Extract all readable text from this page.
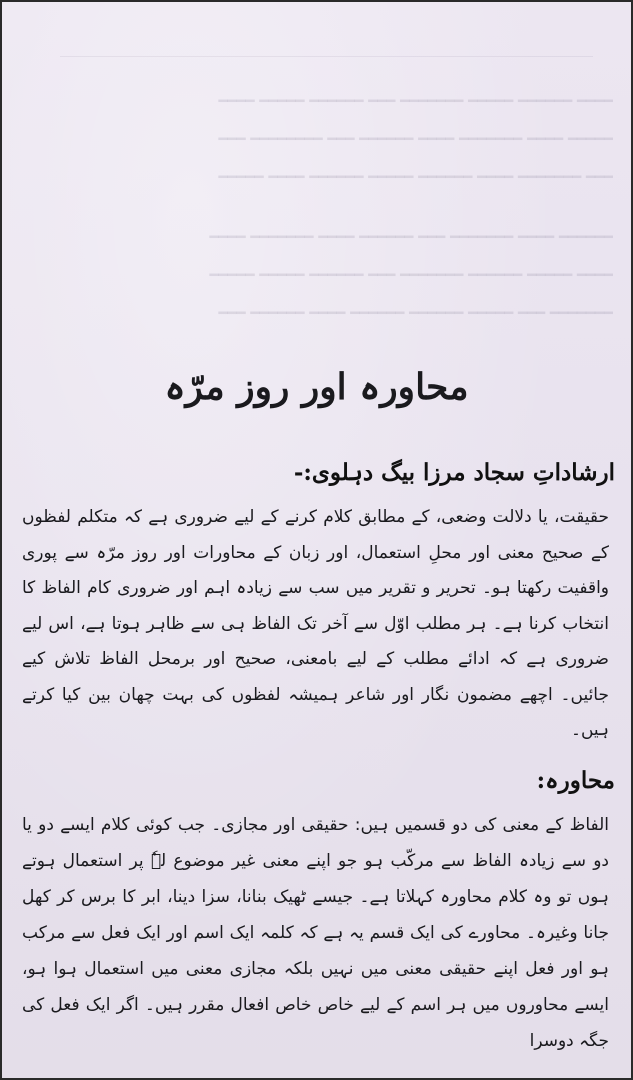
━━━━ ━━━━━━ ━━━━━ ━━━━━━━ ━━━ ━━━━━━ ━━━━━ ━━━━
━━━━━ ━━━━ ━━━━━━━ ━━━━ ━━━━━━ ━━━ ━━━━━━━━ ━━━
━━━ ━━━━━━━ ━━━━ ━━━━━━ ━━━━━ ━━━━━━ ━━━━ ━━━━━
━━━━━━ ━━━━ ━━━━━━━ ━━━ ━━━━━━ ━━━━ ━━━━━━━ ━━━━
━━━━ ━━━━━ ━━━━━━ ━━━━━━━ ━━━ ━━━━━━ ━━━━━ ━━━━━
━━━━━━━ ━━━ ━━━━━ ━━━━━━ ━━━━━━ ━━━━ ━━━━━━ ━━━
محاورہ اور روز مرّہ
ارشاداتِ سجاد مرزا بیگ دہلوی:-

حقیقت، یا دلالت وضعی، کے مطابق کلام کرنے کے لیے ضروری ہے کہ متکلم لفظوں کے صحیح معنی اور محلِ استعمال، اور زبان کے محاورات اور روز مرّہ سے پوری واقفیت رکھتا ہو۔ تحریر و تقریر میں سب سے زیادہ اہم اور ضروری کام الفاظ کا انتخاب کرنا ہے۔ ہر مطلب اوّل سے آخر تک الفاظ ہی سے ظاہر ہوتا ہے، اس لیے ضروری ہے کہ ادائے مطلب کے لیے بامعنی، صحیح اور برمحل الفاظ تلاش کیے جائیں۔ اچھے مضمون نگار اور شاعر ہمیشہ لفظوں کی بہت چھان بین کیا کرتے ہیں۔

محاورہ:

الفاظ کے معنی کی دو قسمیں ہیں: حقیقی اور مجازی۔ جب کوئی کلام ایسے دو یا دو سے زیادہ الفاظ سے مرکّب ہو جو اپنے معنی غیر موضوع لہٗ پر استعمال ہوتے ہوں تو وہ کلام محاورہ کہلاتا ہے۔ جیسے ٹھیک بنانا، سزا دینا، ابر کا برس کر کھل جانا وغیرہ۔ محاورے کی ایک قسم یہ ہے کہ کلمہ ایک اسم اور ایک فعل سے مرکب ہو اور فعل اپنے حقیقی معنی میں نہیں بلکہ مجازی معنی میں استعمال ہوا ہو، ایسے محاوروں میں ہر اسم کے لیے خاص خاص افعال مقرر ہیں۔ اگر ایک فعل کی جگہ دوسرا
